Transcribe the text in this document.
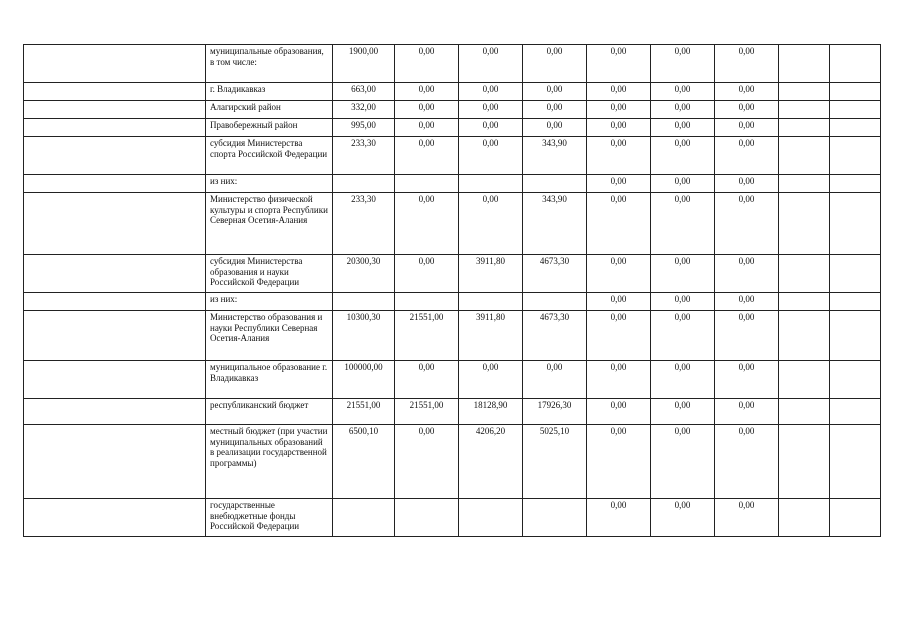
	муниципальные образования, в том числе:	1900,00	0,00	0,00	0,00	0,00	0,00	0,00		
	г. Владикавказ	663,00	0,00	0,00	0,00	0,00	0,00	0,00		
	Алагирский район	332,00	0,00	0,00	0,00	0,00	0,00	0,00		
	Правобережный район	995,00	0,00	0,00	0,00	0,00	0,00	0,00		
	субсидия Министерства спорта Российской Федерации	233,30	0,00	0,00	343,90	0,00	0,00	0,00		
	из них:					0,00	0,00	0,00		
	Министерство физической культуры и спорта Республики Северная Осетия-Алания	233,30	0,00	0,00	343,90	0,00	0,00	0,00		
	субсидия Министерства образования и науки Российской Федерации	20300,30	0,00	3911,80	4673,30	0,00	0,00	0,00		
	из них:					0,00	0,00	0,00		
	Министерство образования и науки Республики Северная Осетия-Алания	10300,30	21551,00	3911,80	4673,30	0,00	0,00	0,00		
	муниципальное образование г. Владикавказ	100000,00	0,00	0,00	0,00	0,00	0,00	0,00		
	республиканский бюджет	21551,00	21551,00	18128,90	17926,30	0,00	0,00	0,00		
	местный бюджет (при участии муниципальных образований в реализации государственной программы)	6500,10	0,00	4206,20	5025,10	0,00	0,00	0,00		
	государственные внебюджетные фонды Российской Федерации					0,00	0,00	0,00		
